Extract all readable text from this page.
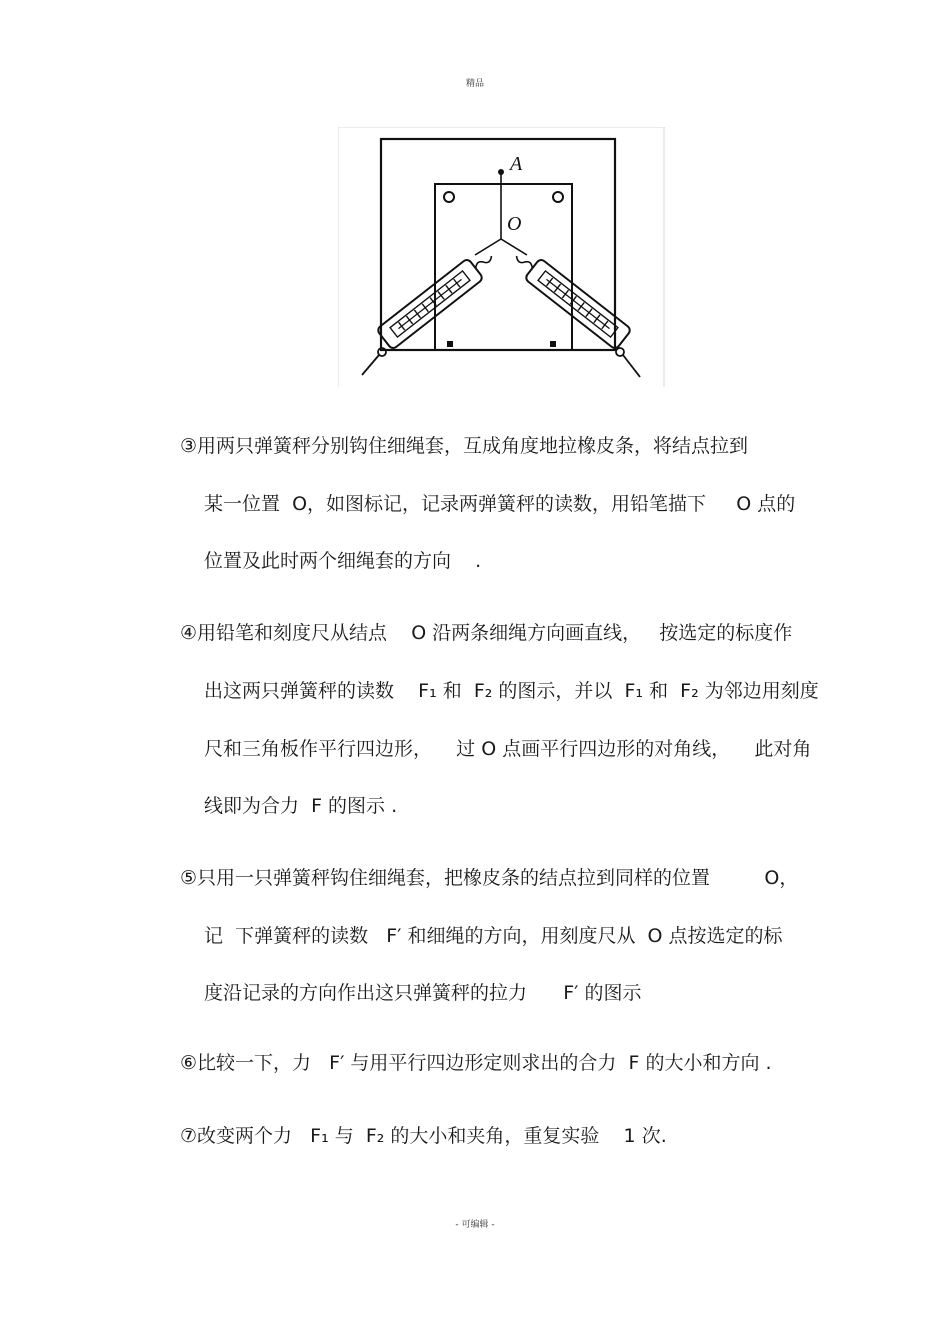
精品
A
O
③用两只弹簧秤分别钩住细绳套，互成角度地拉橡皮条，将结点拉到
某一位置  O，如图标记，记录两弹簧秤的读数，用铅笔描下     O 点的
位置及此时两个细绳套的方向    .
④用铅笔和刻度尺从结点    O 沿两条细绳方向画直线，   按选定的标度作
出这两只弹簧秤的读数    F₁ 和  F₂ 的图示，并以  F₁ 和  F₂ 为邻边用刻度
尺和三角板作平行四边形，    过 O 点画平行四边形的对角线，    此对角
线即为合力  F 的图示 .
⑤只用一只弹簧秤钩住细绳套，把橡皮条的结点拉到同样的位置         O，
记  下弹簧秤的读数   F′ 和细绳的方向，用刻度尺从  O 点按选定的标
度沿记录的方向作出这只弹簧秤的拉力      F′ 的图示
⑥比较一下，力   F′ 与用平行四边形定则求出的合力  F 的大小和方向 .
⑦改变两个力   F₁ 与  F₂ 的大小和夹角，重复实验    1 次.
- 可编辑 -
